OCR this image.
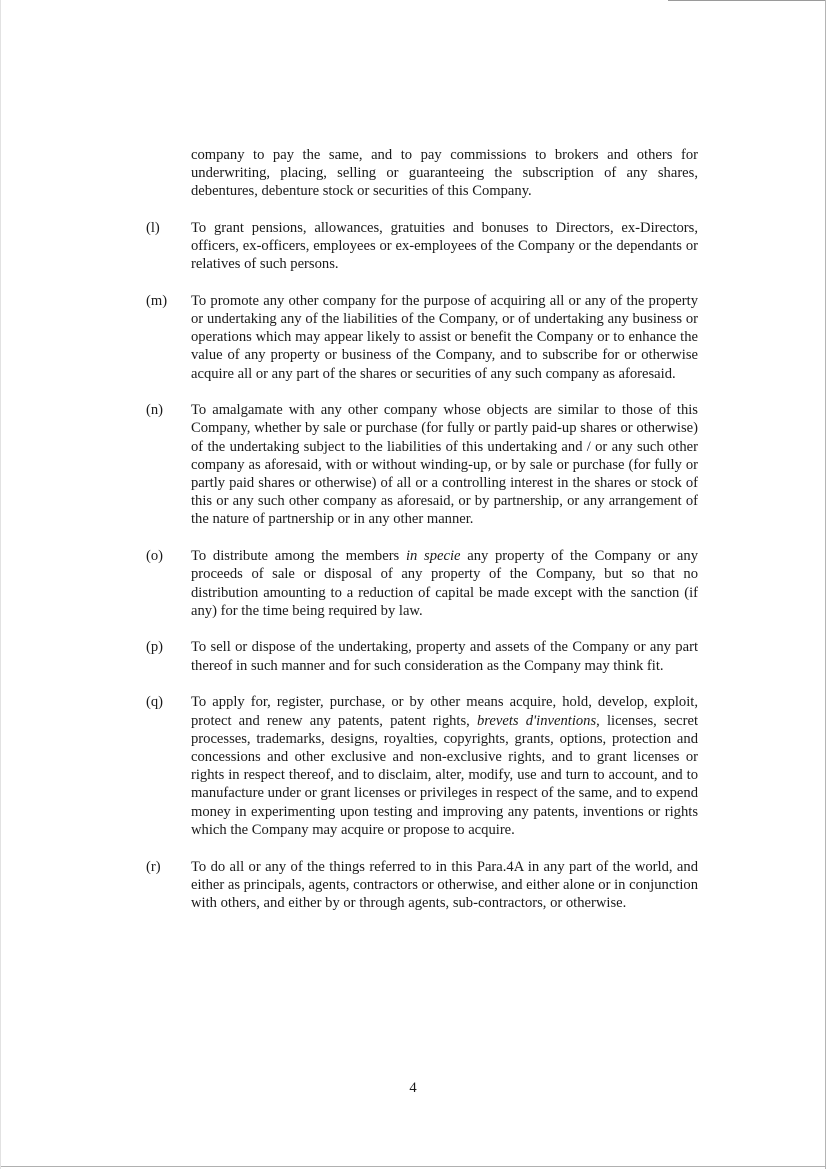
company to pay the same, and to pay commissions to brokers and others for underwriting, placing, selling or guaranteeing the subscription of any shares, debentures, debenture stock or securities of this Company.

(l)	To grant pensions, allowances, gratuities and bonuses to Directors, ex-Directors, officers, ex-officers, employees or ex-employees of the Company or the dependants or relatives of such persons.

(m)	To promote any other company for the purpose of acquiring all or any of the property or undertaking any of the liabilities of the Company, or of undertaking any business or operations which may appear likely to assist or benefit the Company or to enhance the value of any property or business of the Company, and to subscribe for or otherwise acquire all or any part of the shares or securities of any such company as aforesaid.

(n)	To amalgamate with any other company whose objects are similar to those of this Company, whether by sale or purchase (for fully or partly paid-up shares or otherwise) of the undertaking subject to the liabilities of this undertaking and / or any such other company as aforesaid, with or without winding-up, or by sale or purchase (for fully or partly paid shares or otherwise) of all or a controlling interest in the shares or stock of this or any such other company as aforesaid, or by partnership, or any arrangement of the nature of partnership or in any other manner.

(o)	To distribute among the members in specie any property of the Company or any proceeds of sale or disposal of any property of the Company, but so that no distribution amounting to a reduction of capital be made except with the sanction (if any) for the time being required by law.

(p)	To sell or dispose of the undertaking, property and assets of the Company or any part thereof in such manner and for such consideration as the Company may think fit.

(q)	To apply for, register, purchase, or by other means acquire, hold, develop, exploit, protect and renew any patents, patent rights, brevets d'inventions, licenses, secret processes, trademarks, designs, royalties, copyrights, grants, options, protection and concessions and other exclusive and non-exclusive rights, and to grant licenses or rights in respect thereof, and to disclaim, alter, modify, use and turn to account, and to manufacture under or grant licenses or privileges in respect of the same, and to expend money in experimenting upon testing and improving any patents, inventions or rights which the Company may acquire or propose to acquire.

(r)	To do all or any of the things referred to in this Para.4A in any part of the world, and either as principals, agents, contractors or otherwise, and either alone or in conjunction with others, and either by or through agents, sub-contractors, or otherwise.

4
